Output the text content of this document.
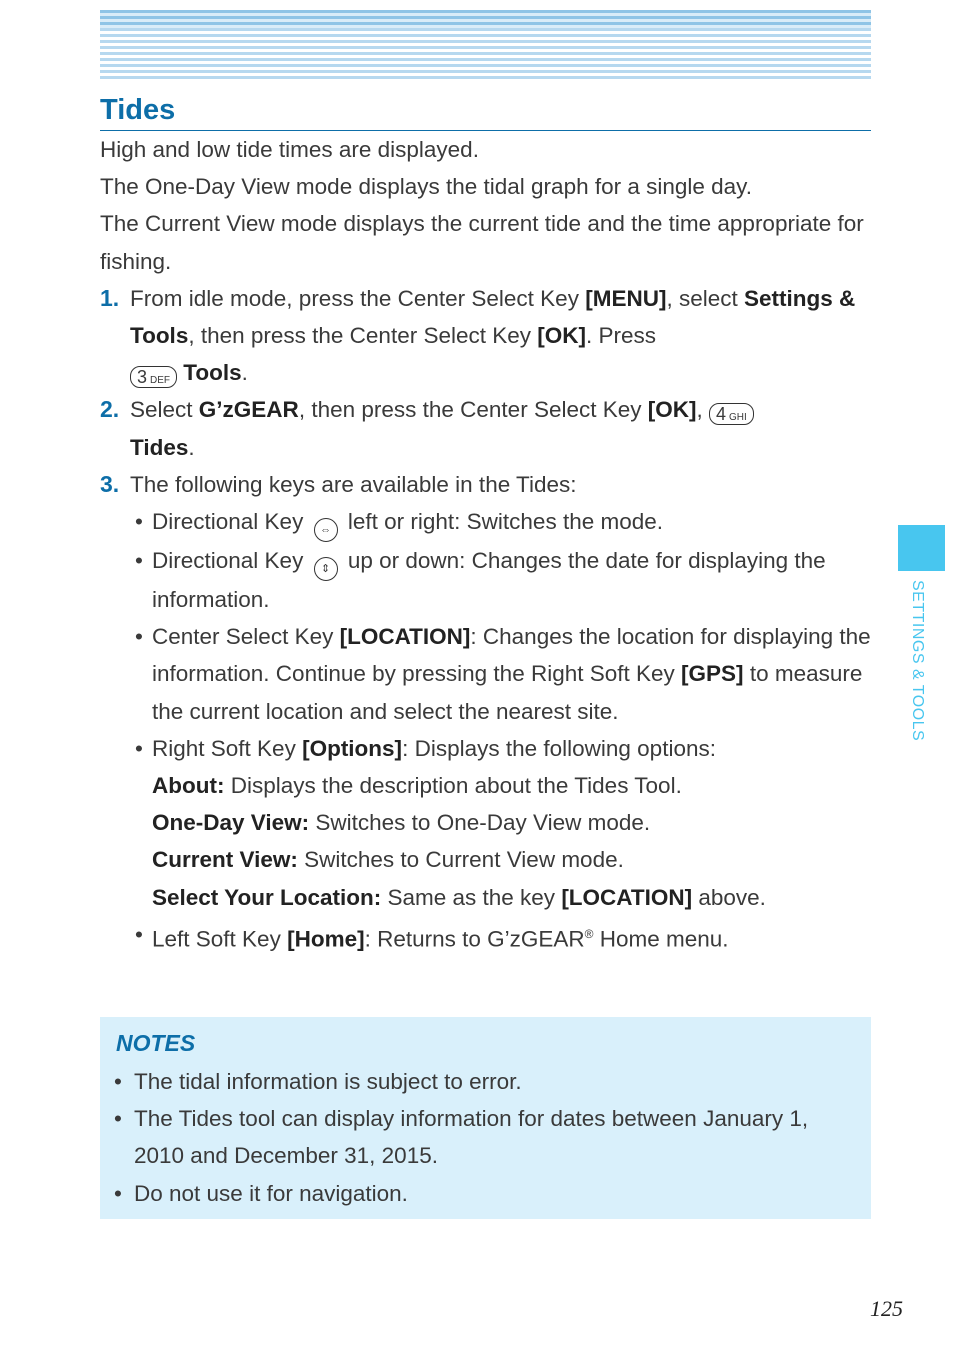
Tides

High and low tide times are displayed.

The One-Day View mode displays the tidal graph for a single day.

The Current View mode displays the current tide and the time appropriate for fishing.

1. From idle mode, press the Center Select Key [MENU], select Settings & Tools, then press the Center Select Key [OK]. Press
3 DEF Tools.
2. Select G’zGEAR, then press the Center Select Key [OK], 4 GHI
Tides.
3. The following keys are available in the Tides:
• Directional Key ⇔ left or right: Switches the mode.
• Directional Key ⇕ up or down: Changes the date for displaying the information.
• Center Select Key [LOCATION]: Changes the location for displaying the information. Continue by pressing the Right Soft Key [GPS] to measure the current location and select the nearest site.
• Right Soft Key [Options]: Displays the following options:
About: Displays the description about the Tides Tool.
One-Day View: Switches to One-Day View mode.
Current View: Switches to Current View mode.
Select Your Location: Same as the key [LOCATION] above.
• Left Soft Key [Home]: Returns to G’zGEAR® Home menu.
NOTES
• The tidal information is subject to error.
• The Tides tool can display information for dates between January 1, 2010 and December 31, 2015.
• Do not use it for navigation.
SETTINGS & TOOLS
125
